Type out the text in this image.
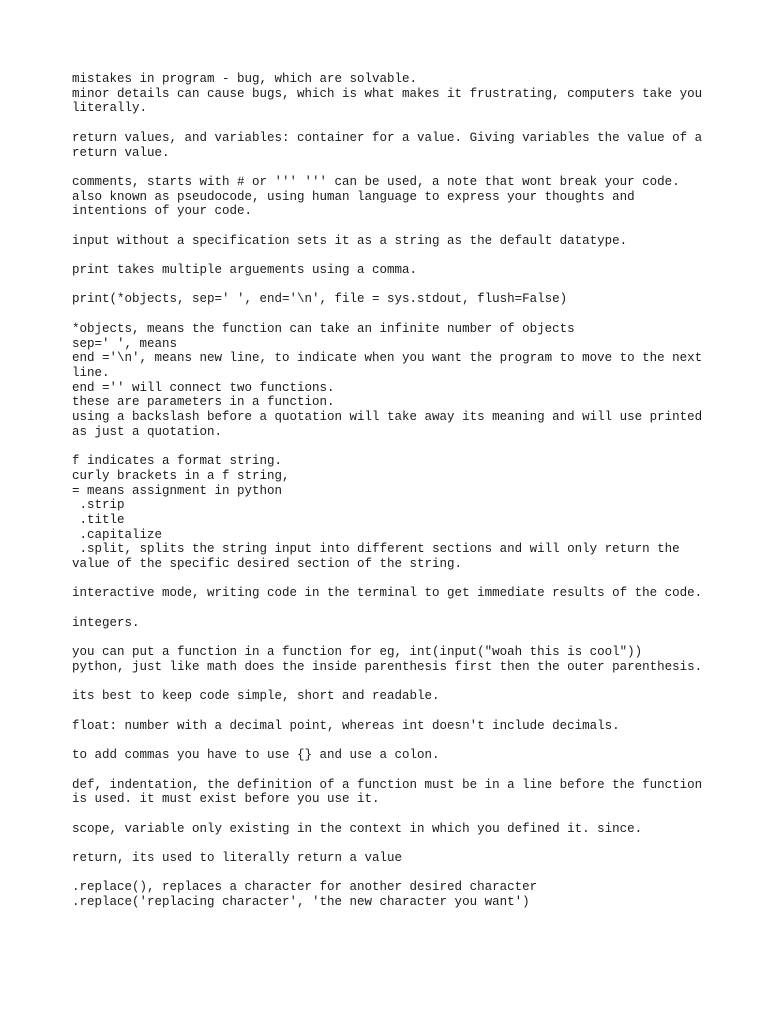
mistakes in program - bug, which are solvable.
minor details can cause bugs, which is what makes it frustrating, computers take you literally.
return values, and variables: container for a value. Giving variables the value of a return value.
comments, starts with # or ''' ''' can be used, a note that wont break your code.
also known as pseudocode, using human language to express your thoughts and intentions of your code.
input without a specification sets it as a string as the default datatype.
print takes multiple arguements using a comma.
print(*objects, sep=' ', end='\n', file = sys.stdout, flush=False)
*objects, means the function can take an infinite number of objects
sep=' ', means
end ='\n', means new line, to indicate when you want the program to move to the next line.
end ='' will connect two functions.
these are parameters in a function.
using a backslash before a quotation will take away its meaning and will use printed as just a quotation.
f indicates a format string.
curly brackets in a f string,
= means assignment in python
.strip
.title
.capitalize
.split, splits the string input into different sections and will only return the value of the specific desired section of the string.
interactive mode, writing code in the terminal to get immediate results of the code.
integers.
you can put a function in a function for eg, int(input("woah this is cool"))
python, just like math does the inside parenthesis first then the outer parenthesis.
its best to keep code simple, short and readable.
float: number with a decimal point, whereas int doesn't include decimals.
to add commas you have to use {} and use a colon.
def, indentation, the definition of a function must be in a line before the function is used. it must exist before you use it.
scope, variable only existing in the context in which you defined it. since.
return, its used to literally return a value
.replace(), replaces a character for another desired character
.replace('replacing character', 'the new character you want')
